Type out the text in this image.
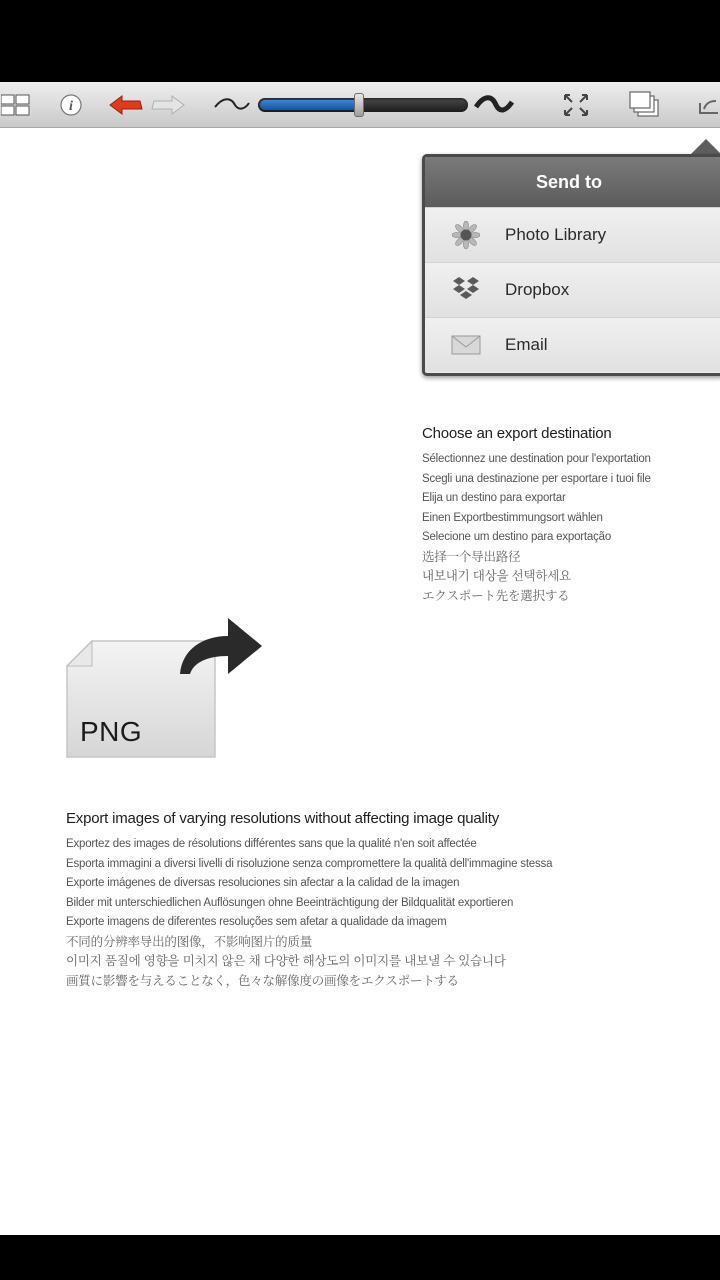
i
Send to
Photo Library
Dropbox
Email
Choose an export destination
Sélectionnez une destination pour l'exportation
Scegli una destinazione per esportare i tuoi file
Elija un destino para exportar
Einen Exportbestimmungsort wählen
Selecione um destino para exportação
选择一个导出路径
내보내기 대상을 선택하세요
エクスポート先を選択する
PNG
Export images of varying resolutions without affecting image quality
Exportez des images de résolutions différentes sans que la qualité n'en soit affectée
Esporta immagini a diversi livelli di risoluzione senza compromettere la qualità dell'immagine stessa
Exporte imágenes de diversas resoluciones sin afectar a la calidad de la imagen
Bilder mit unterschiedlichen Auflösungen ohne Beeinträchtigung der Bildqualität exportieren
Exporte imagens de diferentes resoluções sem afetar a qualidade da imagem
不同的分辨率导出的图像，不影响图片的质量
이미지 품질에 영향을 미치지 않은 채 다양한 해상도의 이미지를 내보낼 수 있습니다
画質に影響を与えることなく，色々な解像度の画像をエクスポートする
